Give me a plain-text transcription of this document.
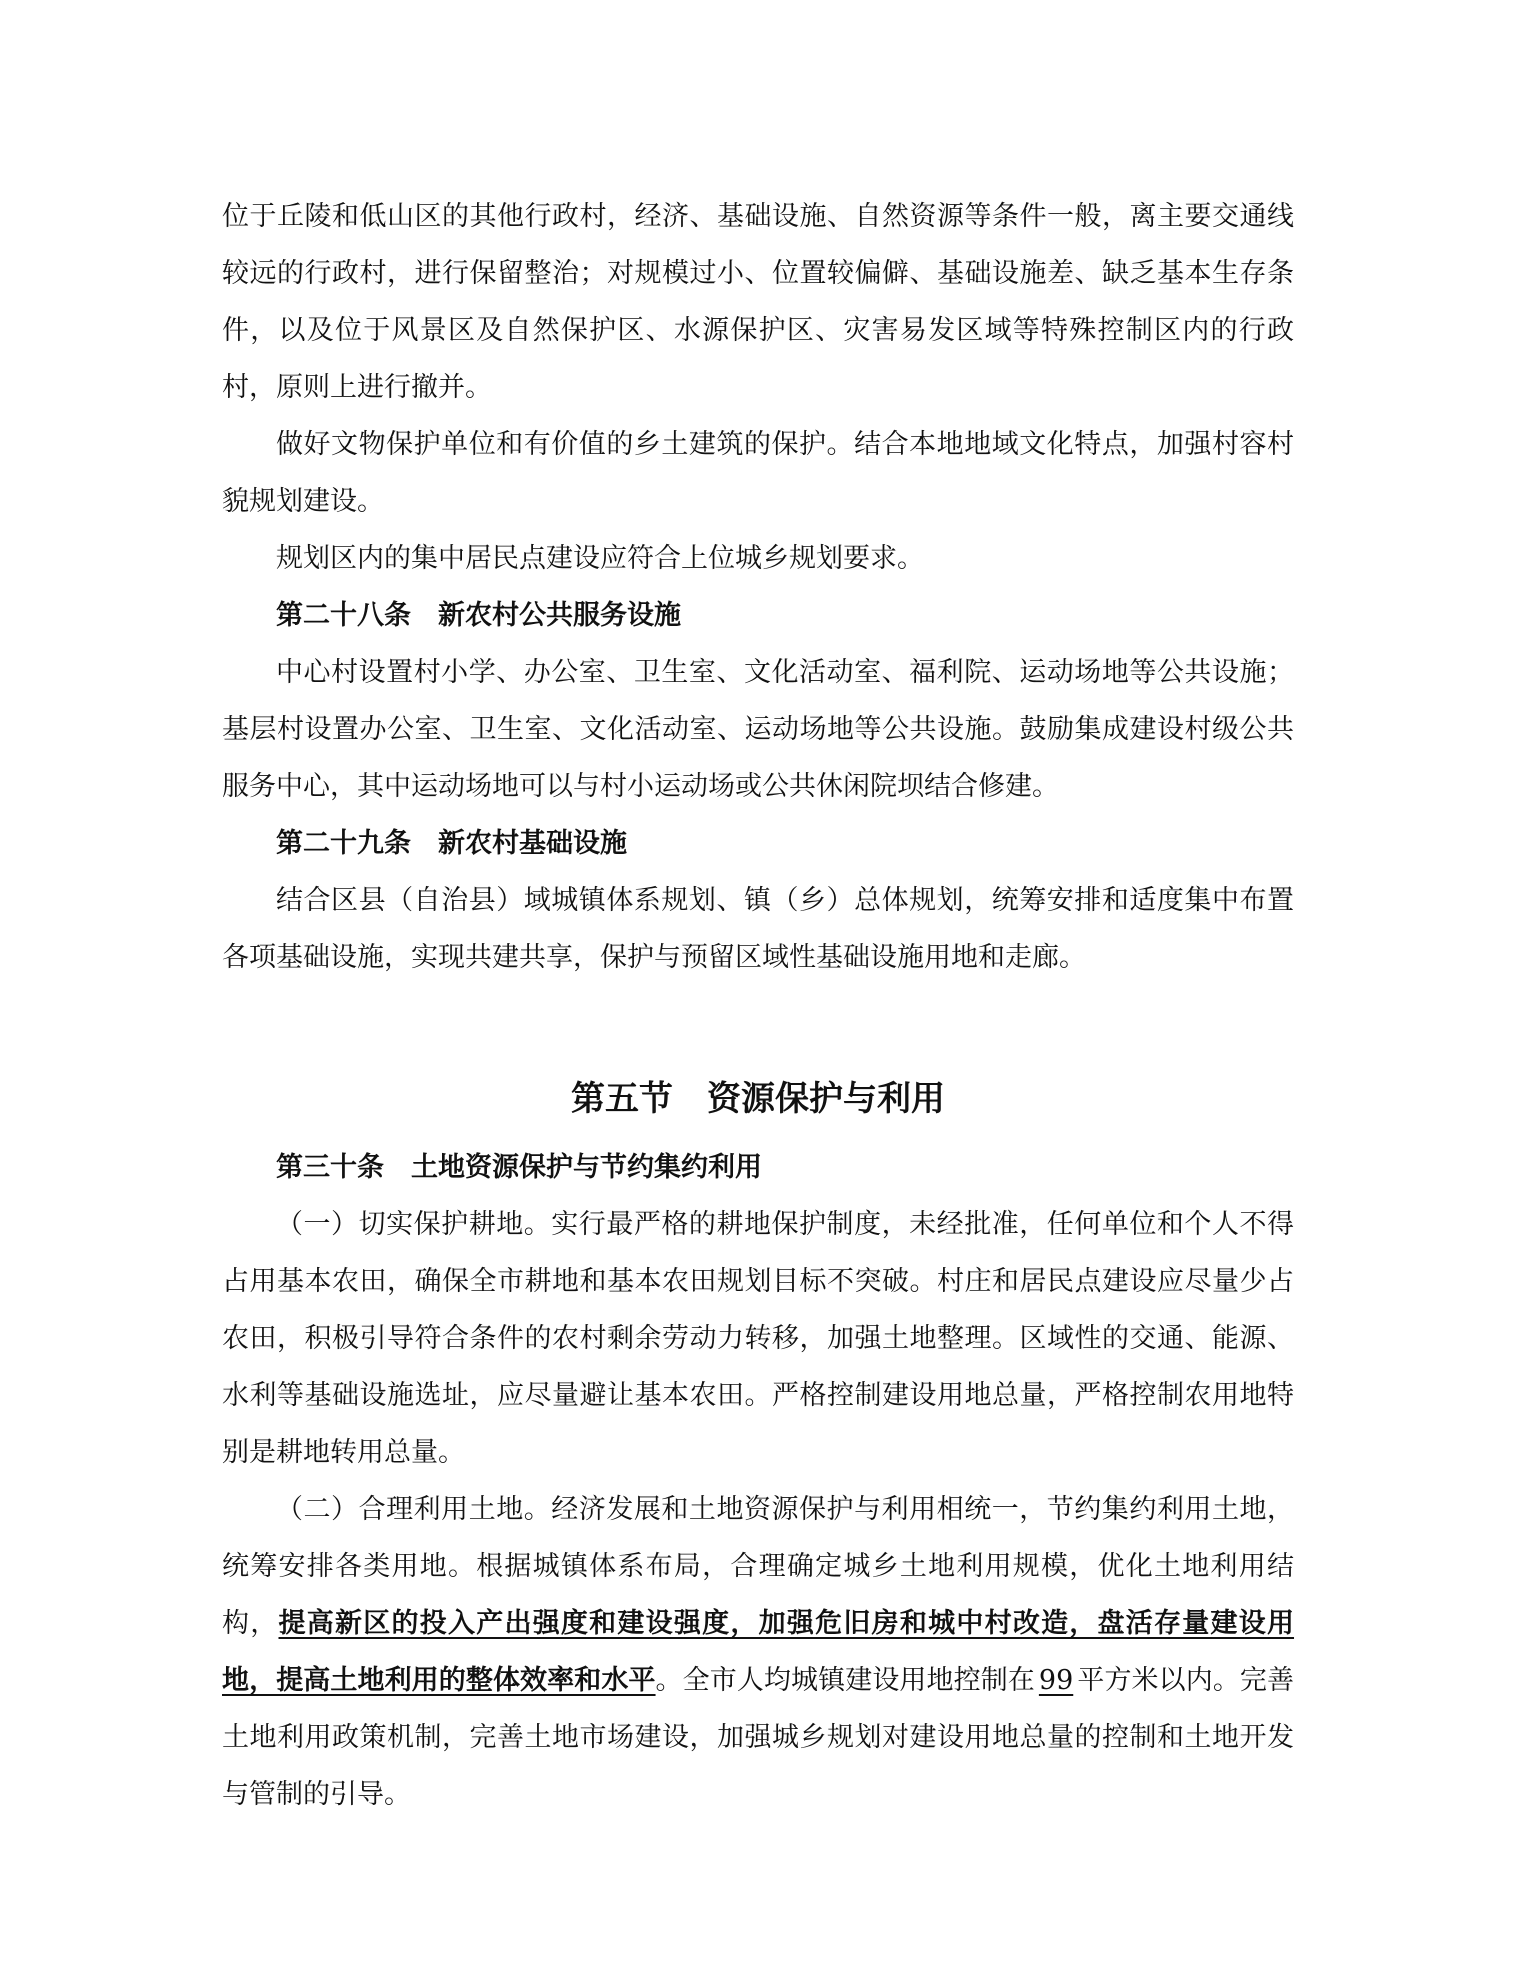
位于丘陵和低山区的其他行政村，经济、基础设施、自然资源等条件一般，离主要交通线较远的行政村，进行保留整治；对规模过小、位置较偏僻、基础设施差、缺乏基本生存条件，以及位于风景区及自然保护区、水源保护区、灾害易发区域等特殊控制区内的行政村，原则上进行撤并。

做好文物保护单位和有价值的乡土建筑的保护。结合本地地域文化特点，加强村容村貌规划建设。

规划区内的集中居民点建设应符合上位城乡规划要求。

第二十八条　新农村公共服务设施

中心村设置村小学、办公室、卫生室、文化活动室、福利院、运动场地等公共设施；基层村设置办公室、卫生室、文化活动室、运动场地等公共设施。鼓励集成建设村级公共服务中心，其中运动场地可以与村小运动场或公共休闲院坝结合修建。

第二十九条　新农村基础设施

结合区县（自治县）域城镇体系规划、镇（乡）总体规划，统筹安排和适度集中布置各项基础设施，实现共建共享，保护与预留区域性基础设施用地和走廊。

第五节　资源保护与利用

第三十条　土地资源保护与节约集约利用

（一）切实保护耕地。实行最严格的耕地保护制度，未经批准，任何单位和个人不得占用基本农田，确保全市耕地和基本农田规划目标不突破。村庄和居民点建设应尽量少占农田，积极引导符合条件的农村剩余劳动力转移，加强土地整理。区域性的交通、能源、水利等基础设施选址，应尽量避让基本农田。严格控制建设用地总量，严格控制农用地特别是耕地转用总量。

（二）合理利用土地。经济发展和土地资源保护与利用相统一，节约集约利用土地，统筹安排各类用地。根据城镇体系布局，合理确定城乡土地利用规模，优化土地利用结构，提高新区的投入产出强度和建设强度，加强危旧房和城中村改造，盘活存量建设用地，提高土地利用的整体效率和水平。全市人均城镇建设用地控制在 99 平方米以内。完善土地利用政策机制，完善土地市场建设，加强城乡规划对建设用地总量的控制和土地开发与管制的引导。
